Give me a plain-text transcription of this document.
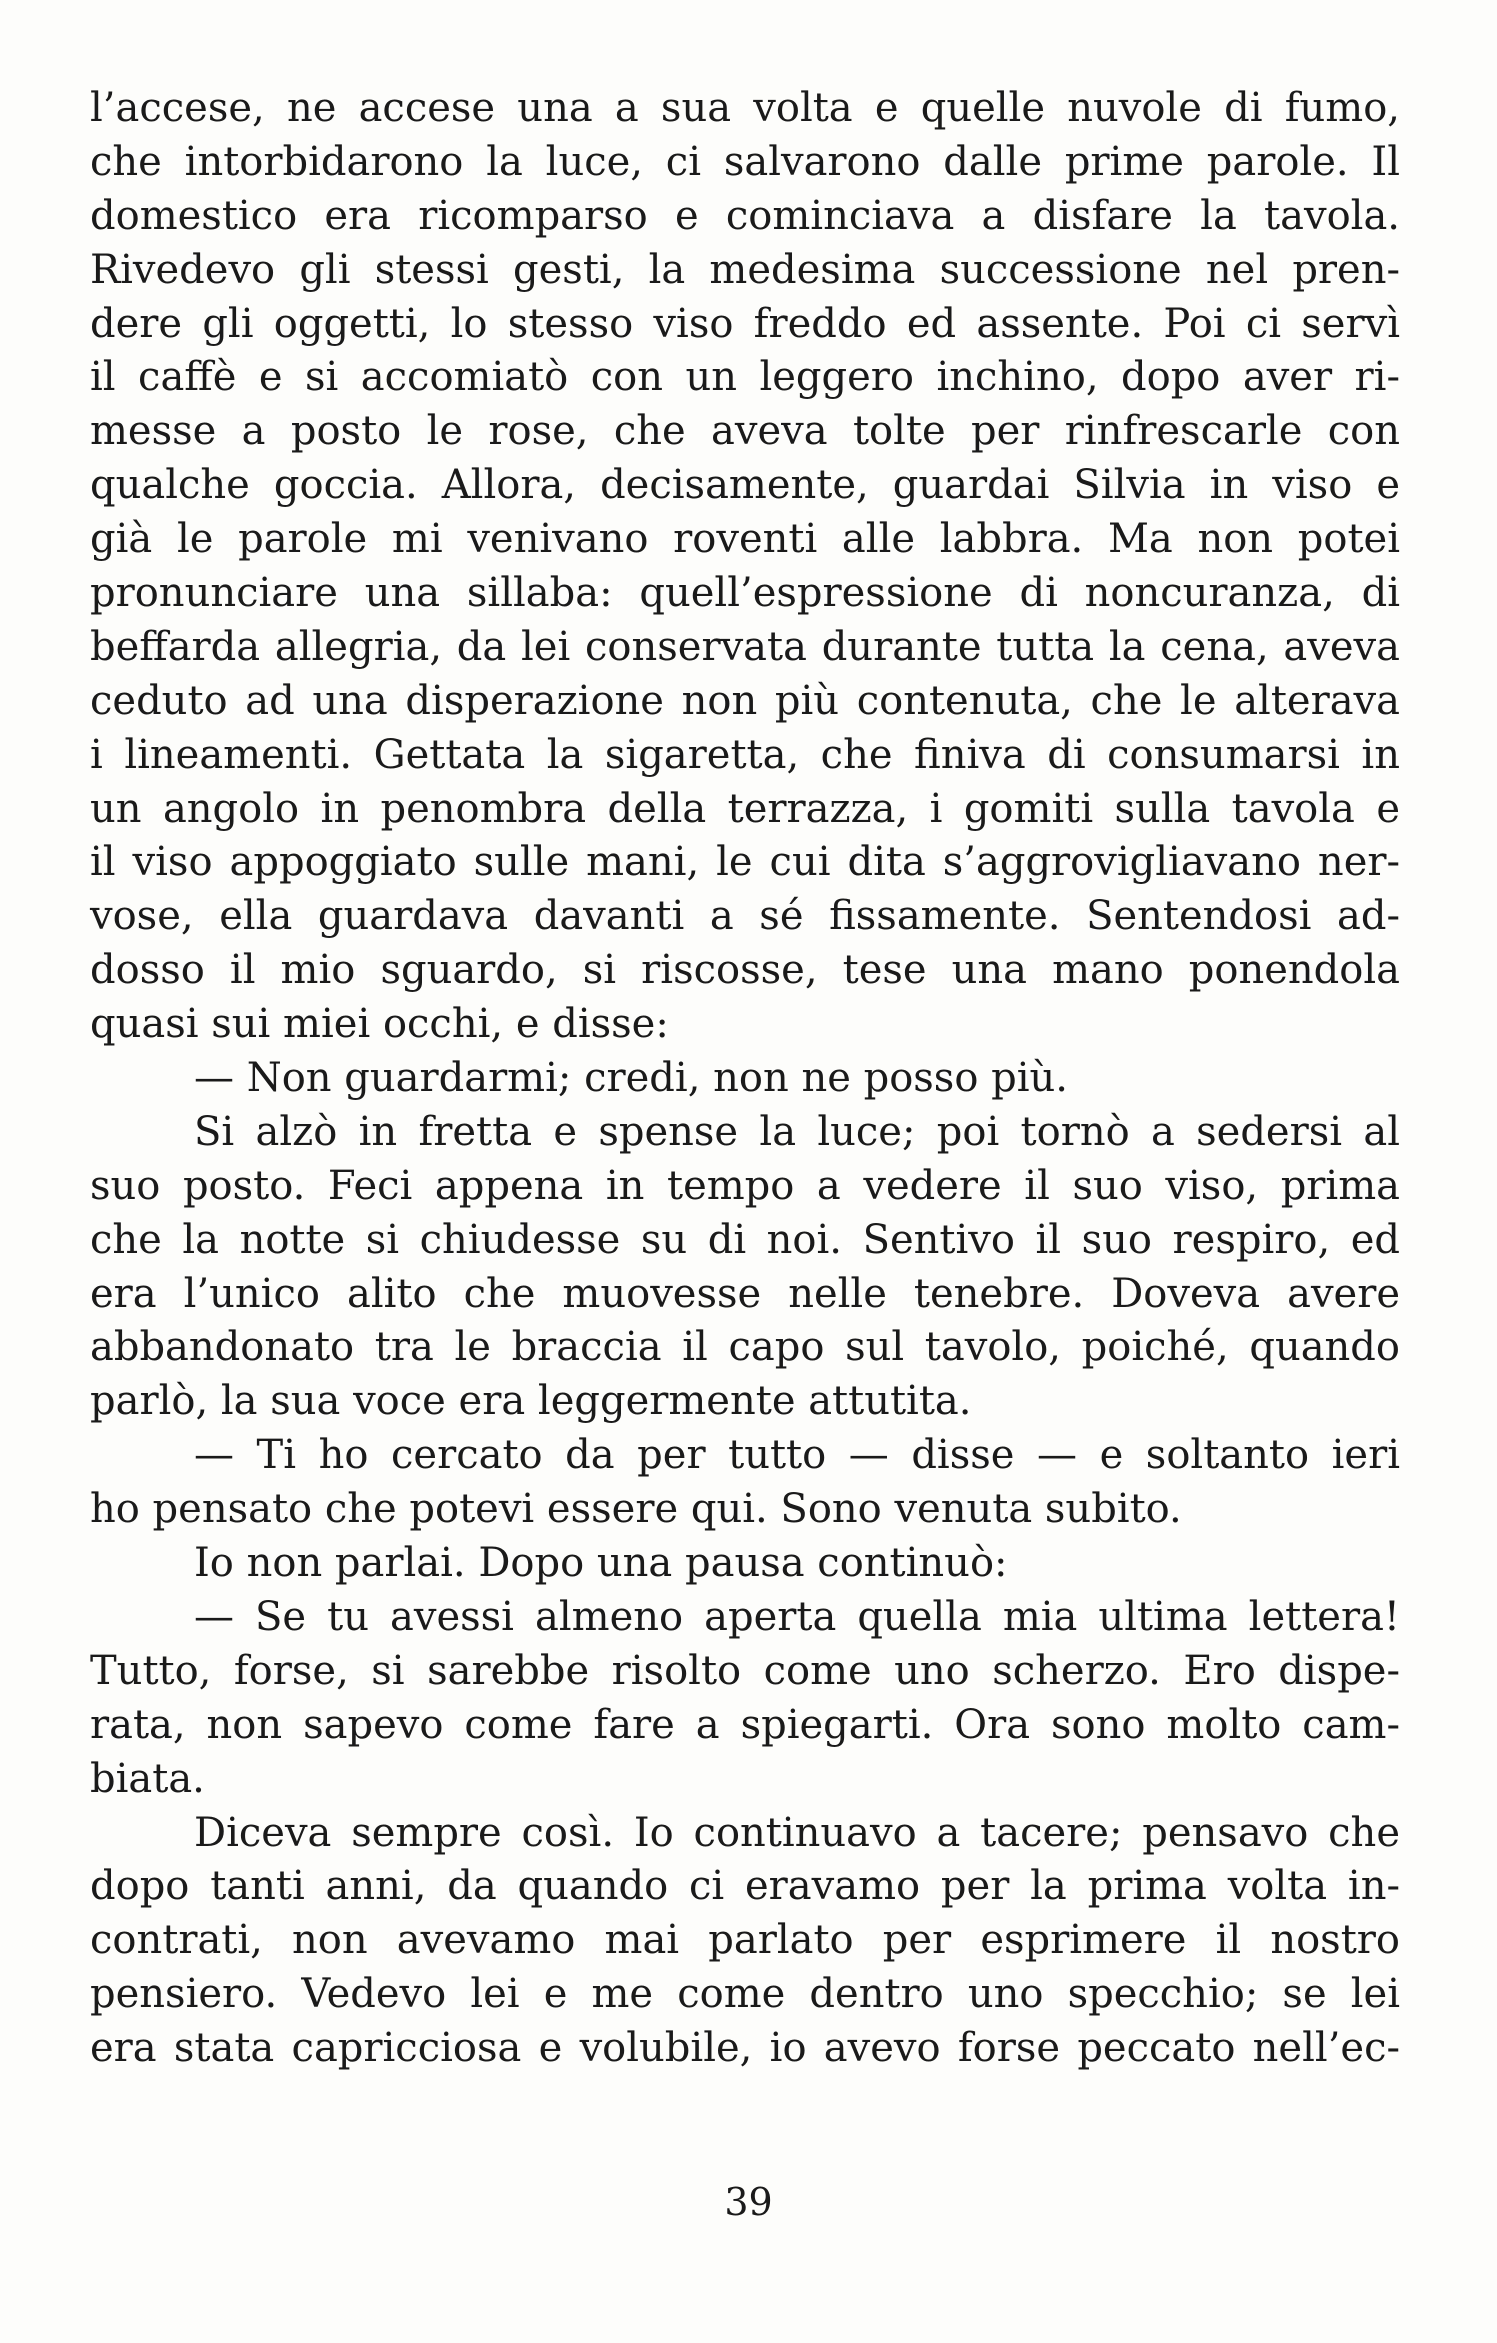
l’accese, ne accese una a sua volta e quelle nuvole di fumo,
che intorbidarono la luce, ci salvarono dalle prime parole. Il
domestico era ricomparso e cominciava a disfare la tavola.
Rivedevo gli stessi gesti, la medesima successione nel pren-
dere gli oggetti, lo stesso viso freddo ed assente. Poi ci servì
il caffè e si accomiatò con un leggero inchino, dopo aver ri-
messe a posto le rose, che aveva tolte per rinfrescarle con
qualche goccia. Allora, decisamente, guardai Silvia in viso e
già le parole mi venivano roventi alle labbra. Ma non potei
pronunciare una sillaba: quell’espressione di noncuranza, di
beffarda allegria, da lei conservata durante tutta la cena, aveva
ceduto ad una disperazione non più contenuta, che le alterava
i lineamenti. Gettata la sigaretta, che finiva di consumarsi in
un angolo in penombra della terrazza, i gomiti sulla tavola e
il viso appoggiato sulle mani, le cui dita s’aggrovigliavano ner-
vose, ella guardava davanti a sé fissamente. Sentendosi ad-
dosso il mio sguardo, si riscosse, tese una mano ponendola
quasi sui miei occhi, e disse:
— Non guardarmi; credi, non ne posso più.
Si alzò in fretta e spense la luce; poi tornò a sedersi al
suo posto. Feci appena in tempo a vedere il suo viso, prima
che la notte si chiudesse su di noi. Sentivo il suo respiro, ed
era l’unico alito che muovesse nelle tenebre. Doveva avere
abbandonato tra le braccia il capo sul tavolo, poiché, quando
parlò, la sua voce era leggermente attutita.
— Ti ho cercato da per tutto — disse — e soltanto ieri
ho pensato che potevi essere qui. Sono venuta subito.
Io non parlai. Dopo una pausa continuò:
— Se tu avessi almeno aperta quella mia ultima lettera!
Tutto, forse, si sarebbe risolto come uno scherzo. Ero dispe-
rata, non sapevo come fare a spiegarti. Ora sono molto cam-
biata.
Diceva sempre così. Io continuavo a tacere; pensavo che
dopo tanti anni, da quando ci eravamo per la prima volta in-
contrati, non avevamo mai parlato per esprimere il nostro
pensiero. Vedevo lei e me come dentro uno specchio; se lei
era stata capricciosa e volubile, io avevo forse peccato nell’ec-
39
